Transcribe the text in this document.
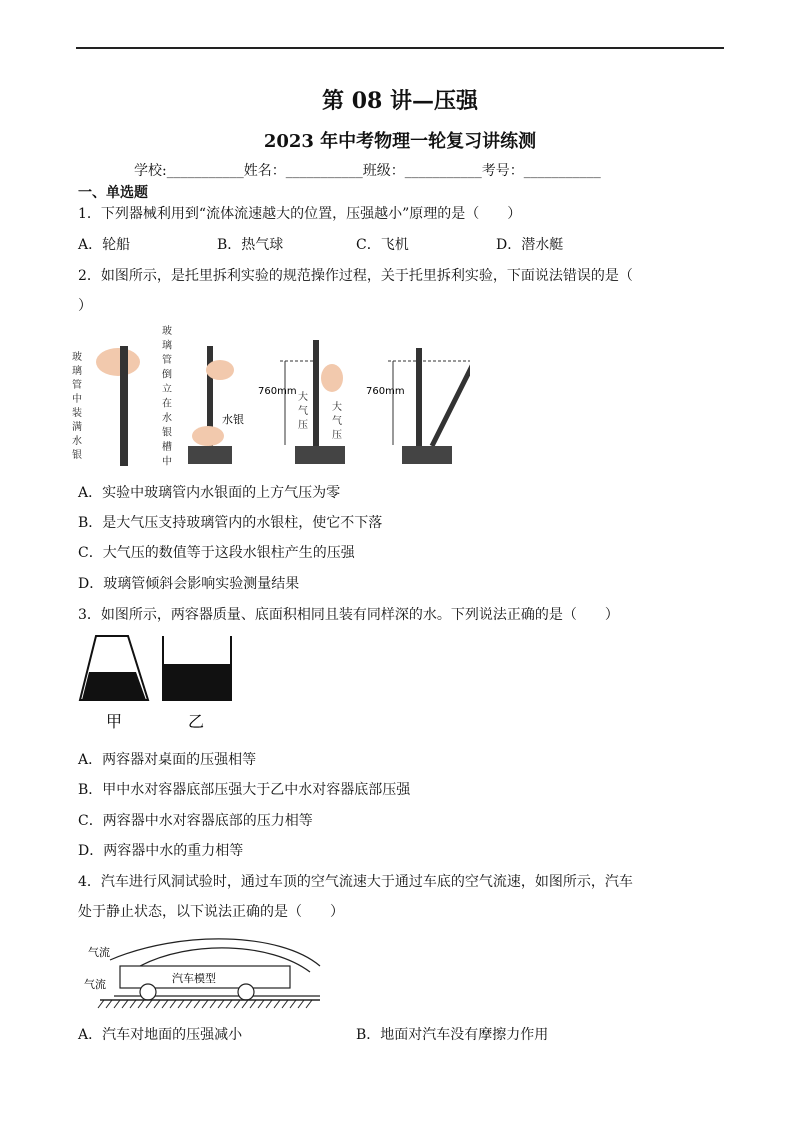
第 08 讲—压强
2023 年中考物理一轮复习讲练测
学校:___________姓名：___________班级：___________考号：___________
一、单选题
1．下列器械利用到“流体流速越大的位置，压强越小”原理的是（　　）
A．轮船	B．热气球	C．飞机	D．潜水艇
2．如图所示，是托里拆利实验的规范操作过程，关于托里拆利实验，下面说法错误的是（
）
玻
璃
管
中
装
满
水
银
玻
璃
管
倒
立
在
水
银
槽
中
水银
760mm
大
气
压
大
气
压
760mm
A．实验中玻璃管内水银面的上方气压为零
B．是大气压支持玻璃管内的水银柱，使它不下落
C．大气压的数值等于这段水银柱产生的压强
D．玻璃管倾斜会影响实验测量结果
3．如图所示，两容器质量、底面积相同且装有同样深的水。下列说法正确的是（　　）
甲	乙
A．两容器对桌面的压强相等
B．甲中水对容器底部压强大于乙中水对容器底部压强
C．两容器中水对容器底部的压力相等
D．两容器中水的重力相等
4．汽车进行风洞试验时，通过车顶的空气流速大于通过车底的空气流速，如图所示，汽车
处于静止状态，以下说法正确的是（　　）
气流
气流	汽车模型
A．汽车对地面的压强减小	B．地面对汽车没有摩擦力作用
